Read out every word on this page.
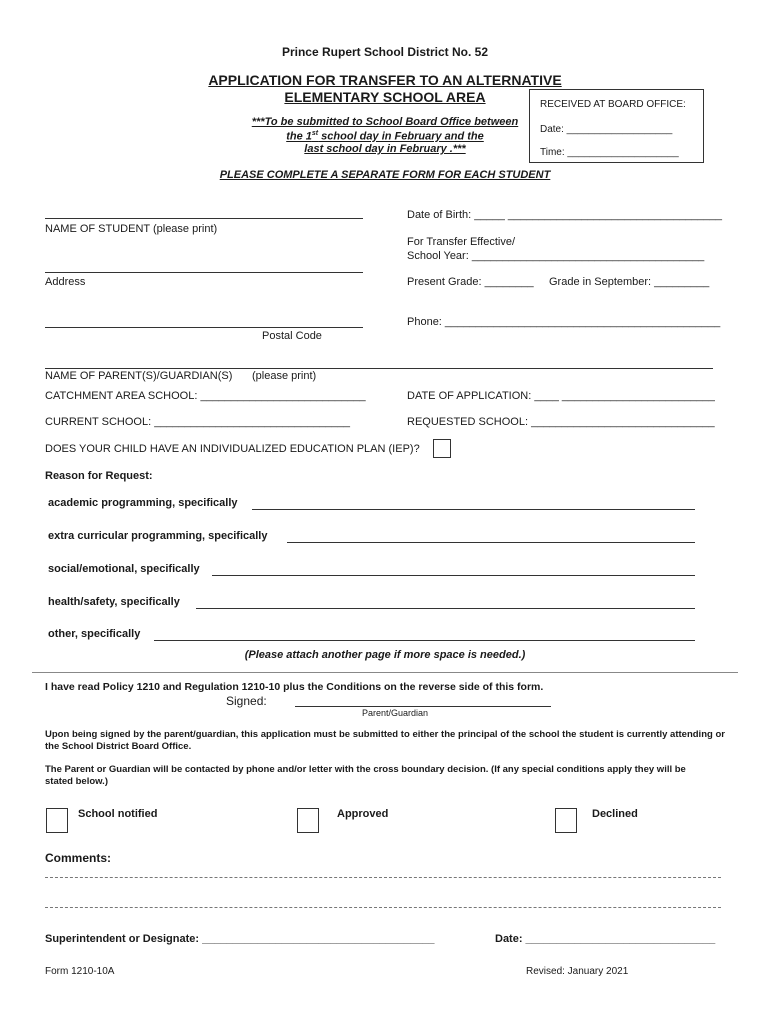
Prince Rupert School District No. 52
APPLICATION FOR TRANSFER TO AN ALTERNATIVE
ELEMENTARY SCHOOL AREA
***To be submitted to School Board Office between
the 1st school day in February and the
last school day in February .***
RECEIVED AT BOARD OFFICE:
Date: ___________________
Time: ____________________
PLEASE COMPLETE A SEPARATE FORM FOR EACH STUDENT
NAME OF STUDENT (please print)
Date of Birth: _____ ___________________________________
For Transfer Effective/
School Year: ______________________________________
Address	Present Grade: ________ Grade in September: _________
Phone: _____________________________________________
Postal Code
NAME OF PARENT(S)/GUARDIAN(S) (please print)
CATCHMENT AREA SCHOOL: ___________________________	DATE OF APPLICATION: ____ _________________________
CURRENT SCHOOL: ________________________________	REQUESTED SCHOOL: ______________________________
DOES YOUR CHILD HAVE AN INDIVIDUALIZED EDUCATION PLAN (IEP)?
Reason for Request:
academic programming, specifically
extra curricular programming, specifically
social/emotional, specifically
health/safety, specifically
other, specifically
(Please attach another page if more space is needed.)
I have read Policy 1210 and Regulation 1210-10 plus the Conditions on the reverse side of this form.
Signed:
Parent/Guardian
Upon being signed by the parent/guardian, this application must be submitted to either the principal of the school the student is currently attending or the School District Board Office.
The Parent or Guardian will be contacted by phone and/or letter with the cross boundary decision. (If any special conditions apply they will be
stated below.)
School notified	Approved	Declined
Comments:
Superintendent or Designate: ______________________________________	Date: _______________________________
Form 1210-10A	Revised: January 2021
